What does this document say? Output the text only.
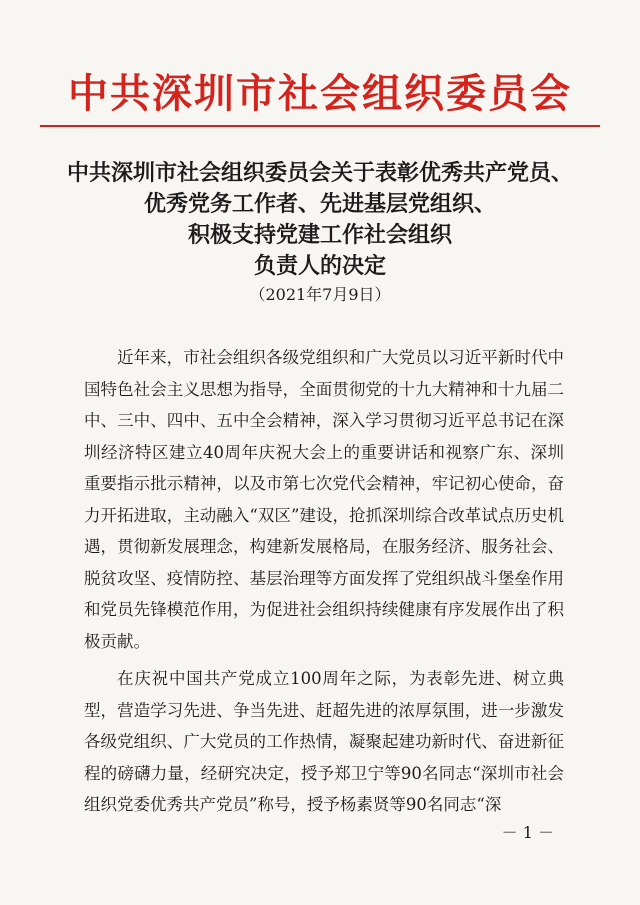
中共深圳市社会组织委员会
中共深圳市社会组织委员会关于表彰优秀共产党员、
优秀党务工作者、先进基层党组织、
积极支持党建工作社会组织
负责人的决定
（2021年7月9日）

近年来，市社会组织各级党组织和广大党员以习近平新时代中国特色社会主义思想为指导，全面贯彻党的十九大精神和十九届二中、三中、四中、五中全会精神，深入学习贯彻习近平总书记在深圳经济特区建立40周年庆祝大会上的重要讲话和视察广东、深圳重要指示批示精神，以及市第七次党代会精神，牢记初心使命，奋力开拓进取，主动融入“双区”建设，抢抓深圳综合改革试点历史机遇，贯彻新发展理念，构建新发展格局，在服务经济、服务社会、脱贫攻坚、疫情防控、基层治理等方面发挥了党组织战斗堡垒作用和党员先锋模范作用，为促进社会组织持续健康有序发展作出了积极贡献。

在庆祝中国共产党成立100周年之际，为表彰先进、树立典型，营造学习先进、争当先进、赶超先进的浓厚氛围，进一步激发各级党组织、广大党员的工作热情，凝聚起建功新时代、奋进新征程的磅礴力量，经研究决定，授予郑卫宁等90名同志“深圳市社会组织党委优秀共产党员”称号，授予杨素贤等90名同志“深

－ 1 －
